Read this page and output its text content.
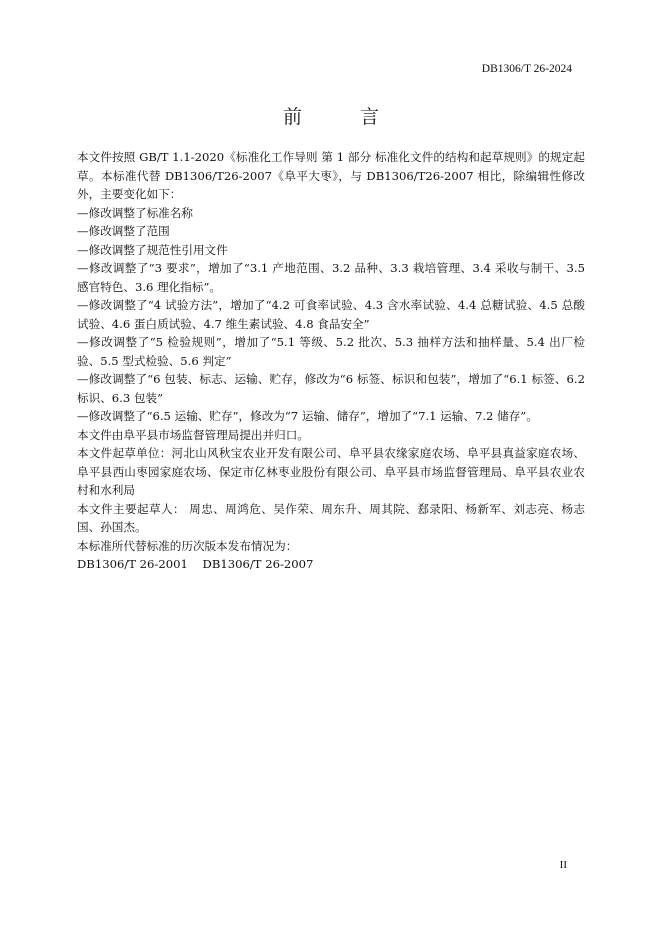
DB1306/T 26-2024
前 言

本文件按照 GB/T 1.1-2020《标准化工作导则 第 1 部分 标准化文件的结构和起草规则》的规定起草。本标准代替 DB1306/T26-2007《阜平大枣》，与 DB1306/T26-2007 相比，除编辑性修改外，主要变化如下：

—修改调整了标准名称

—修改调整了范围

—修改调整了规范性引用文件

—修改调整了“3 要求”，增加了“3.1 产地范围、3.2 品种、3.3 栽培管理、3.4 采收与制干、3.5 感官特色、3.6 理化指标”。

—修改调整了“4 试验方法”，增加了“4.2 可食率试验、4.3 含水率试验、4.4 总糖试验、4.5 总酸试验、4.6 蛋白质试验、4.7 维生素试验、4.8 食品安全”

—修改调整了“5 检验规则”，增加了“5.1 等级、5.2 批次、5.3 抽样方法和抽样量、5.4 出厂检验、5.5 型式检验、5.6 判定”

—修改调整了“6 包装、标志、运输、贮存，修改为“6 标签、标识和包装”，增加了“6.1 标签、6.2 标识、6.3 包装”

—修改调整了“6.5 运输、贮存”，修改为“7 运输、储存”，增加了“7.1 运输、7.2 储存”。

本文件由阜平县市场监督管理局提出并归口。

本文件起草单位：河北山风秋宝农业开发有限公司、阜平县农缘家庭农场、阜平县真益家庭农场、阜平县西山枣园家庭农场、保定市亿林枣业股份有限公司、阜平县市场监督管理局、阜平县农业农村和水利局

本文件主要起草人： 周忠、周鸿危、吴作荣、周东升、周其院、郄录阳、杨新军、刘志亮、杨志国、孙国杰。

本标准所代替标准的历次版本发布情况为：

DB1306/T 26-2001    DB1306/T 26-2007

II
